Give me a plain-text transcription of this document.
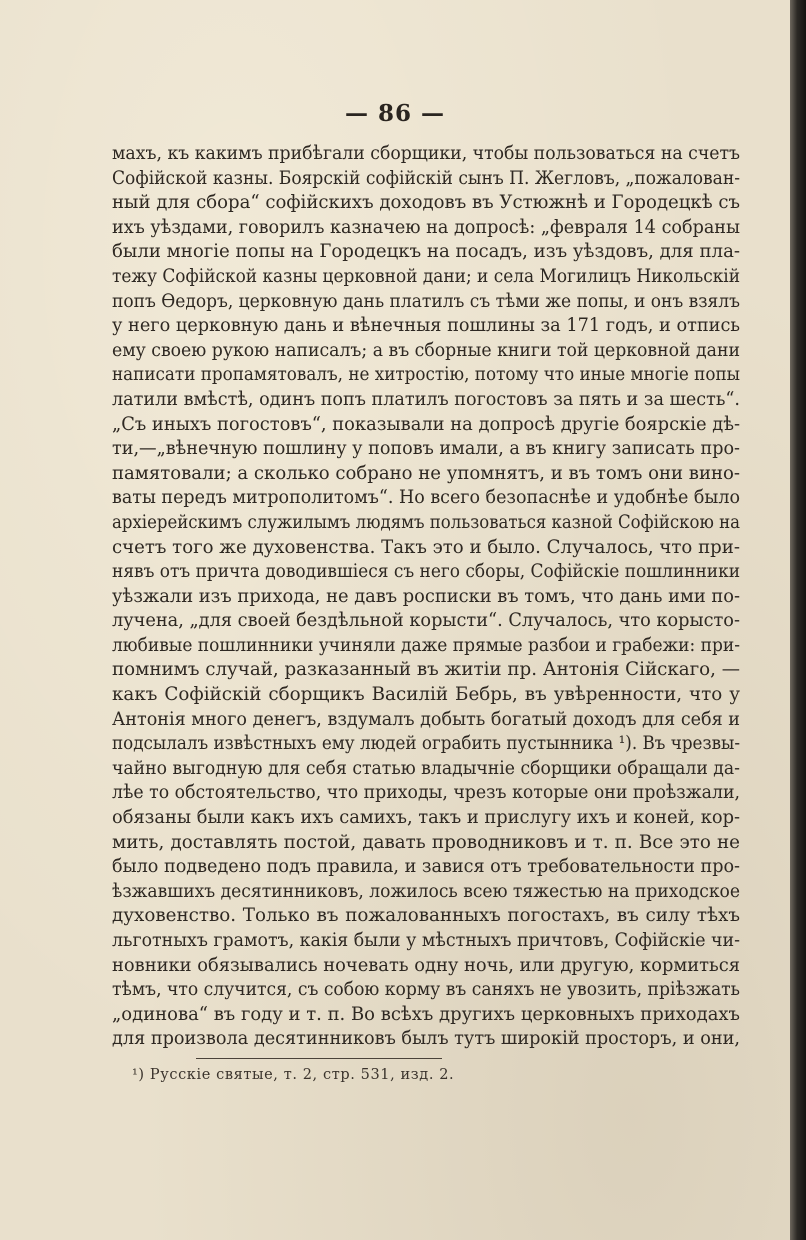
— 86 —
махъ, къ какимъ прибѣгали сборщики, чтобы пользоваться на счетъ
Софійской казны. Боярскій софійскій сынъ П. Жегловъ, „пожалован-
ный для сбора“ софійскихъ доходовъ въ Устюжнѣ и Городецкѣ съ
ихъ уѣздами, говорилъ казначею на допросѣ: „февраля 14 собраны
были многіе попы на Городецкъ на посадъ, изъ уѣздовъ, для пла-
тежу Софійской казны церковной дани; и села Могилицъ Никольскій
попъ Ѳедоръ, церковную дань платилъ съ тѣми же попы, и онъ взялъ
у него церковную дань и вѣнечныя пошлины за 171 годъ, и отпись
ему своею рукою написалъ; а въ сборные книги той церковной дани
написати пропамятовалъ, не хитростію, потому что иные многіе попы
латили вмѣстѣ, одинъ попъ платилъ погостовъ за пять и за шесть“.
„Съ иныхъ погостовъ“, показывали на допросѣ другіе боярскіе дѣ-
ти,—„вѣнечную пошлину у поповъ имали, а въ книгу записать про-
памятовали; а сколько собрано не упомнятъ, и въ томъ они вино-
ваты передъ митрополитомъ“. Но всего безопаснѣе и удобнѣе было
архіерейскимъ служилымъ людямъ пользоваться казной Софійскою на
счетъ того же духовенства. Такъ это и было. Случалось, что при-
нявъ отъ причта доводившіеся съ него сборы, Софійскіе пошлинники
уѣзжали изъ прихода, не давъ росписки въ томъ, что дань ими по-
лучена, „для своей бездѣльной корысти“. Случалось, что корысто-
любивые пошлинники учиняли даже прямые разбои и грабежи: при-
помнимъ случай, разказанный въ житіи пр. Антонія Сійскаго, —
какъ Софійскій сборщикъ Василій Бебрь, въ увѣренности, что у
Антонія много денегъ, вздумалъ добыть богатый доходъ для себя и
подсылалъ извѣстныхъ ему людей ограбить пустынника ¹). Въ чрезвы-
чайно выгодную для себя статью владычніе сборщики обращали да-
лѣе то обстоятельство, что приходы, чрезъ которые они проѣзжали,
обязаны были какъ ихъ самихъ, такъ и прислугу ихъ и коней, кор-
мить, доставлять постой, давать проводниковъ и т. п. Все это не
было подведено подъ правила, и завися отъ требовательности про-
ѣзжавшихъ десятинниковъ, ложилось всею тяжестью на приходское
духовенство. Только въ пожалованныхъ погостахъ, въ силу тѣхъ
льготныхъ грамотъ, какія были у мѣстныхъ причтовъ, Софійскіе чи-
новники обязывались ночевать одну ночь, или другую, кормиться
тѣмъ, что случится, съ собою корму въ саняхъ не увозить, пріѣзжать
„одинова“ въ году и т. п. Во всѣхъ другихъ церковныхъ приходахъ
для произвола десятинниковъ былъ тутъ широкій просторъ, и они,
¹) Русскіе святые, т. 2, стр. 531, изд. 2.
